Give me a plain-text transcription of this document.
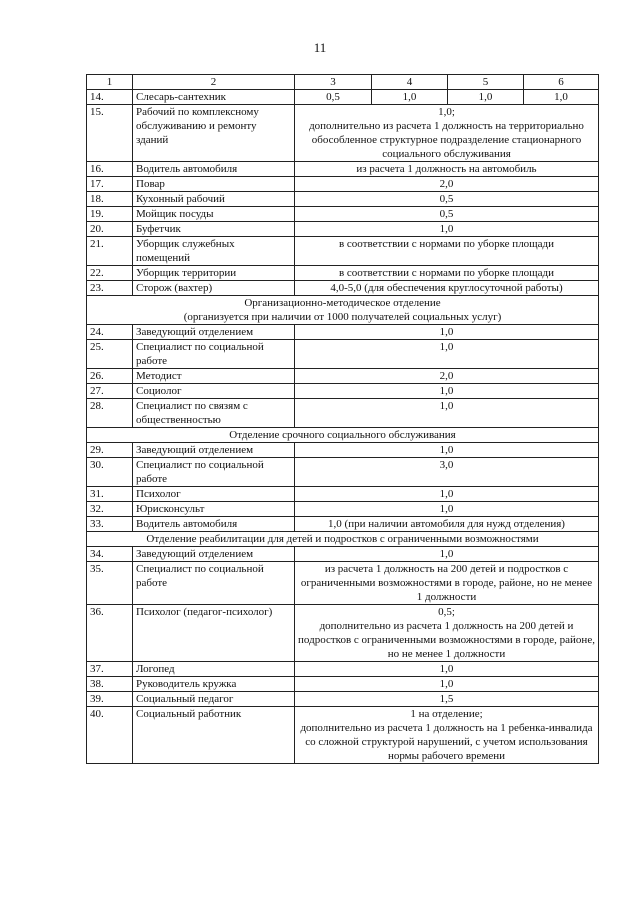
11
1	2	3	4	5	6
14.	Слесарь-сантехник	0,5	1,0	1,0	1,0
15.	Рабочий по комплексному обслуживанию и ремонту зданий	1,0;
дополнительно из расчета 1 должность на территориально обособленное структурное подразделение стационарного социального обслуживания			
16.	Водитель автомобиля	из расчета 1 должность на автомобиль			
17.	Повар	2,0			
18.	Кухонный рабочий	0,5			
19.	Мойщик посуды	0,5			
20.	Буфетчик	1,0			
21.	Уборщик служебных помещений	в соответствии с нормами по уборке площади			
22.	Уборщик территории	в соответствии с нормами по уборке площади			
23.	Сторож (вахтер)	4,0-5,0 (для обеспечения круглосуточной работы)			
Организационно-методическое отделение
(организуется при наличии от 1000 получателей социальных услуг)					
24.	Заведующий отделением	1,0			
25.	Специалист по социальной работе	1,0			
26.	Методист	2,0			
27.	Социолог	1,0			
28.	Специалист по связям с общественностью	1,0			
Отделение срочного социального обслуживания					
29.	Заведующий отделением	1,0			
30.	Специалист по социальной работе	3,0			
31.	Психолог	1,0			
32.	Юрисконсульт	1,0			
33.	Водитель автомобиля	1,0 (при наличии автомобиля для нужд отделения)			
Отделение реабилитации для детей и подростков с ограниченными возможностями					
34.	Заведующий отделением	1,0			
35.	Специалист по социальной работе	из расчета 1 должность на 200 детей и подростков с ограниченными возможностями в городе, районе, но не менее 1 должности			
36.	Психолог (педагог-психолог)	0,5;
дополнительно из расчета 1 должность на 200 детей и подростков с ограниченными возможностями в городе, районе, но не менее 1 должности			
37.	Логопед	1,0			
38.	Руководитель кружка	1,0			
39.	Социальный педагог	1,5			
40.	Социальный работник	1 на отделение;
дополнительно из расчета 1 должность на 1 ребенка-инвалида со сложной структурой нарушений, с учетом использования нормы рабочего времени			
